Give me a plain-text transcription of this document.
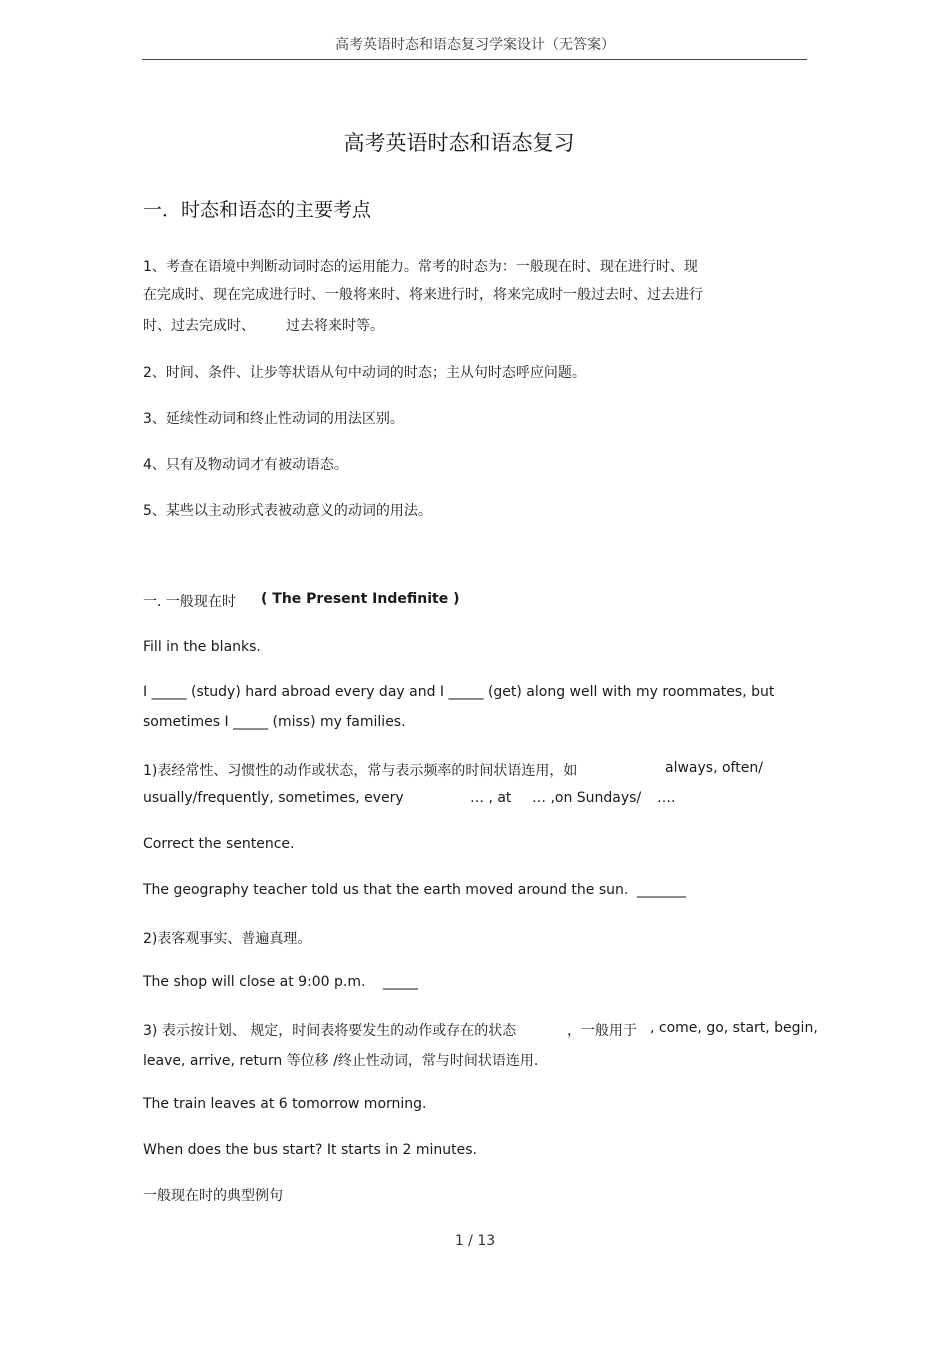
高考英语时态和语态复习学案设计（无答案）
高考英语时态和语态复习
一．时态和语态的主要考点
1、考查在语境中判断动词时态的运用能力。常考的时态为：一般现在时、现在进行时、现
在完成时、现在完成进行时、一般将来时、将来进行时，将来完成时一般过去时、过去进行
时、过去完成时、 过去将来时等。
2、时间、条件、让步等状语从句中动词的时态；主从句时态呼应问题。
3、延续性动词和终止性动词的用法区别。
4、只有及物动词才有被动语态。
5、某些以主动形式表被动意义的动词的用法。
一. 一般现在时 ( The Present Indefinite )
Fill in the blanks.
I _____ (study) hard abroad every day and I _____ (get) along well with my roommates, but
sometimes I _____ (miss) my families.
1)表经常性、习惯性的动作或状态，常与表示频率的时间状语连用，如	always, often/
usually/frequently, sometimes, every	… , at … ,on Sundays/ ….
Correct the sentence.
The geography teacher told us that the earth moved around the sun. _______
2)表客观事实、普遍真理。
The shop will close at 9:00 p.m. _____
3) 表示按计划、 规定，时间表将要发生的动作或存在的状态	，一般用于 , come, go, start, begin,
leave, arrive, return 等位移 /终止性动词，常与时间状语连用.
The train leaves at 6 tomorrow morning.
When does the bus start? It starts in 2 minutes.
一般现在时的典型例句
1 / 13
